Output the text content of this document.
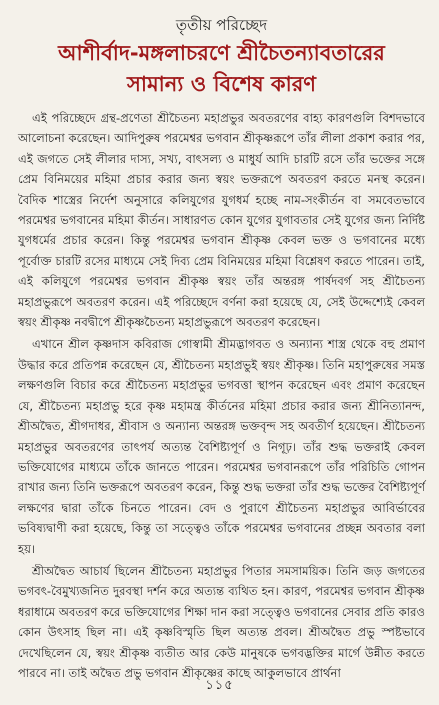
তৃতীয় পরিচ্ছেদ
আশীর্বাদ-মঙ্গলাচরণে শ্রীচৈতন্যাবতারের
সামান্য ও বিশেষ কারণ

এই পরিচ্ছেদে গ্রন্থ-প্রণেতা শ্রীচৈতন্য মহাপ্রভুর অবতরণের বাহ্য কারণগুলি বিশদভাবে আলোচনা করেছেন। আদিপুরুষ পরমেশ্বর ভগবান শ্রীকৃষ্ণরূপে তাঁর লীলা প্রকাশ করার পর, এই জগতে সেই লীলার দাস্য, সখ্য, বাৎসল্য ও মাধুর্য আদি চারটি রসে তাঁর ভক্তের সঙ্গে প্রেম বিনিময়ের মহিমা প্রচার করার জন্য স্বয়ং ভক্তরূপে অবতরণ করতে মনস্থ করেন। বৈদিক শাস্ত্রের নির্দেশ অনুসারে কলিযুগের যুগধর্ম হচ্ছে নাম-সংকীর্তন বা সমবেতভাবে পরমেশ্বর ভগবানের মহিমা কীর্তন। সাধারণত কোন যুগের যুগাবতার সেই যুগের জন্য নির্দিষ্ট যুগধর্মের প্রচার করেন। কিন্তু পরমেশ্বর ভগবান শ্রীকৃষ্ণ কেবল ভক্ত ও ভগবানের মধ্যে পূর্বোক্ত চারটি রসের মাধ্যমে সেই দিব্য প্রেম বিনিময়ের মহিমা বিশ্লেষণ করতে পারেন। তাই, এই কলিযুগে পরমেশ্বর ভগবান শ্রীকৃষ্ণ স্বয়ং তাঁর অন্তরঙ্গ পার্ষদবর্গ সহ শ্রীচৈতন্য মহাপ্রভুরূপে অবতরণ করেন। এই পরিচ্ছেদে বর্ণনা করা হয়েছে যে, সেই উদ্দেশ্যেই কেবল স্বয়ং শ্রীকৃষ্ণ নবদ্বীপে শ্রীকৃষ্ণচৈতন্য মহাপ্রভুরূপে অবতরণ করেছেন।

এখানে শ্রীল কৃষ্ণদাস কবিরাজ গোস্বামী শ্রীমদ্ভাগবত ও অন্যান্য শাস্ত্র থেকে বহু প্রমাণ উদ্ধার করে প্রতিপন্ন করেছেন যে, শ্রীচৈতন্য মহাপ্রভুই স্বয়ং শ্রীকৃষ্ণ। তিনি মহাপুরুষের সমস্ত লক্ষণগুলি বিচার করে শ্রীচৈতন্য মহাপ্রভুর ভগবত্তা স্থাপন করেছেন এবং প্রমাণ করেছেন যে, শ্রীচৈতন্য মহাপ্রভু হরে কৃষ্ণ মহামন্ত্র কীর্তনের মহিমা প্রচার করার জন্য শ্রীনিত্যানন্দ, শ্রীঅদ্বৈত, শ্রীগদাধর, শ্রীবাস ও অন্যান্য অন্তরঙ্গ ভক্তবৃন্দ সহ অবতীর্ণ হয়েছেন। শ্রীচৈতন্য মহাপ্রভুর অবতরণের তাৎপর্য অত্যন্ত বৈশিষ্ট্যপূর্ণ ও নিগূঢ়। তাঁর শুদ্ধ ভক্তরাই কেবল ভক্তিযোগের মাধ্যমে তাঁকে জানতে পারেন। পরমেশ্বর ভগবানরূপে তাঁর পরিচিতি গোপন রাখার জন্য তিনি ভক্তরূপে অবতরণ করেন, কিন্তু শুদ্ধ ভক্তরা তাঁর শুদ্ধ ভক্তের বৈশিষ্ট্যপূর্ণ লক্ষণের দ্বারা তাঁকে চিনতে পারেন। বেদ ও পুরাণে শ্রীচৈতন্য মহাপ্রভুর আবির্ভাবের ভবিষ্যদ্বাণী করা হয়েছে, কিন্তু তা সত্ত্বেও তাঁকে পরমেশ্বর ভগবানের প্রচ্ছন্ন অবতার বলা হয়।

শ্রীঅদ্বৈত আচার্য ছিলেন শ্রীচৈতন্য মহাপ্রভুর পিতার সমসাময়িক। তিনি জড় জগতের ভগবৎ-বৈমুখ্যজনিত দুরবস্থা দর্শন করে অত্যন্ত ব্যথিত হন। কারণ, পরমেশ্বর ভগবান শ্রীকৃষ্ণ ধরাধামে অবতরণ করে ভক্তিযোগের শিক্ষা দান করা সত্ত্বেও ভগবানের সেবার প্রতি কারও কোন উৎসাহ ছিল না। এই কৃষ্ণবিস্মৃতি ছিল অত্যন্ত প্রবল। শ্রীঅদ্বৈত প্রভু স্পষ্টভাবে দেখেছিলেন যে, স্বয়ং শ্রীকৃষ্ণ ব্যতীত আর কেউ মানুষকে ভগবদ্ভক্তির মার্গে উন্নীত করতে পারবে না। তাই অদ্বৈত প্রভু ভগবান শ্রীকৃষ্ণের কাছে আকুলভাবে প্রার্থনা

১১৫
